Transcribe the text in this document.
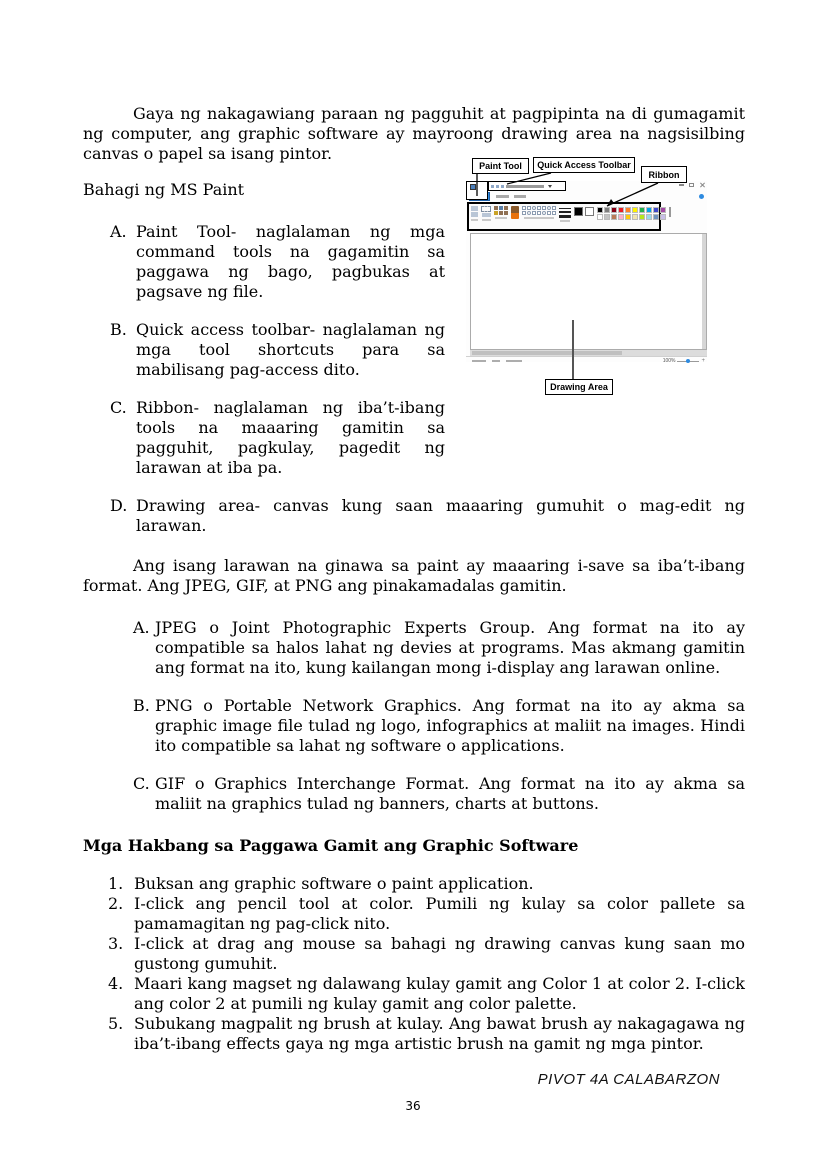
Gaya ng nakagawiang paraan ng pagguhit at pagpipinta na di gumagamit ng computer, ang graphic software ay mayroong drawing area na nagsisilbing canvas o papel sa isang pintor.

Paint Tool	Quick Access Toolbar
Ribbon
Drawing Area
100%	+

Bahagi ng MS Paint

A. Paint Tool- naglalaman ng mga command tools na gagamitin sa paggawa ng bago, pagbukas at pagsave ng file.
B. Quick access toolbar- naglalaman ng mga tool shortcuts para sa mabilisang pag-access dito.
C. Ribbon- naglalaman ng iba’t-ibang tools na maaaring gamitin sa pagguhit, pagkulay, pagedit ng larawan at iba pa.
D. Drawing area- canvas kung saan maaaring gumuhit o mag-edit ng larawan.

Ang isang larawan na ginawa sa paint ay maaaring i-save sa iba’t-ibang format. Ang JPEG, GIF, at PNG ang pinakamadalas gamitin.

A. JPEG o Joint Photographic Experts Group. Ang format na ito ay compatible sa halos lahat ng devies at programs. Mas akmang gamitin ang format na ito, kung kailangan mong i-display ang larawan online.
B. PNG o Portable Network Graphics. Ang format na ito ay akma sa graphic image file tulad ng logo, infographics at maliit na images. Hindi ito compatible sa lahat ng software o applications.
C. GIF o Graphics Interchange Format. Ang format na ito ay akma sa maliit na graphics tulad ng banners, charts at buttons.

Mga Hakbang sa Paggawa Gamit ang Graphic Software

1. Buksan ang graphic software o paint application.
2. I-click ang pencil tool at color. Pumili ng kulay sa color pallete sa pamamagitan ng pag-click nito.
3. I-click at drag ang mouse sa bahagi ng drawing canvas kung saan mo gustong gumuhit.
4. Maari kang magset ng dalawang kulay gamit ang Color 1 at color 2. I-click ang color 2 at pumili ng kulay gamit ang color palette.
5. Subukang magpalit ng brush at kulay. Ang bawat brush ay nakagagawa ng iba’t-ibang effects gaya ng mga artistic brush na gamit ng mga pintor.
PIVOT 4A CALABARZON
36
